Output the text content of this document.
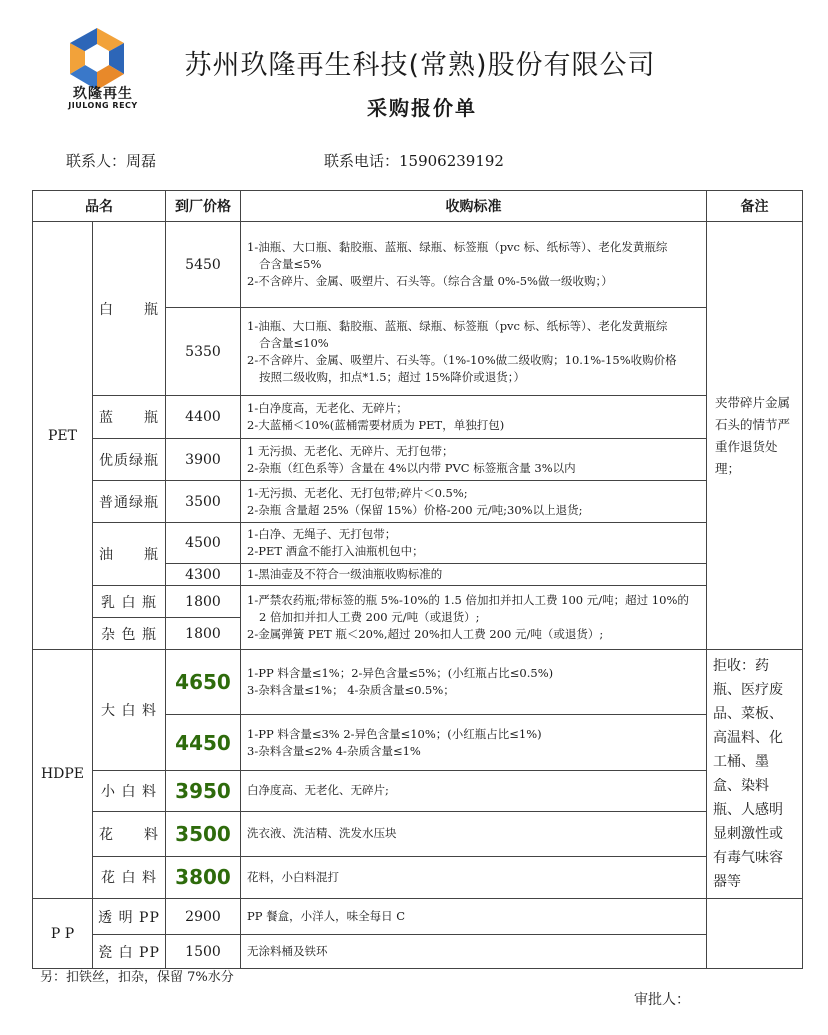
玖隆再生
JIULONG RECY
苏州玖隆再生科技(常熟)股份有限公司
采购报价单
联系人：周磊	联系电话：15906239192
品名		到厂价格	收购标准	备注
PET	白　　瓶	5450	1-油瓶、大口瓶、黏胶瓶、蓝瓶、绿瓶、标签瓶（pvc 标、纸标等）、老化发黄瓶综
合含量≤5%
2-不含碎片、金属、吸塑片、石头等。（综合含量 0%-5%做一级收购；）	夹带碎片金属石头的情节严重作退货处理；
		5350	1-油瓶、大口瓶、黏胶瓶、蓝瓶、绿瓶、标签瓶（pvc 标、纸标等）、老化发黄瓶综
合含量≤10%
2-不含碎片、金属、吸塑片、石头等。（1%-10%做二级收购；10.1%-15%收购价格
按照二级收购，扣点*1.5；超过 15%降价或退货；）	

	蓝　　瓶	4400	1-白净度高，无老化、无碎片；
2-大蓝桶＜10%(蓝桶需要材质为 PET，单独打包)	

	优质绿瓶	3900	1 无污损、无老化、无碎片、无打包带；
2-杂瓶（红色系等）含量在 4%以内带 PVC 标签瓶含量 3%以内	

	普通绿瓶	3500	1-无污损、无老化、无打包带;碎片＜0.5%;
2-杂瓶 含量超 25%（保留 15%）价格-200 元/吨;30%以上退货;	

	油　　瓶	4500	1-白净、无绳子、无打包带；
2-PET 酒盒不能打入油瓶机包中；	

		4300	1-黑油壶及不符合一级油瓶收购标准的	

	乳 白 瓶	1800	1-严禁农药瓶;带标签的瓶 5%-10%的 1.5 倍加扣并扣人工费 100 元/吨；超过 10%的
2 倍加扣并扣人工费 200 元/吨（或退货）;
2-金属弹簧 PET 瓶＜20%,超过 20%扣人工费 200 元/吨（或退货）;	

	杂 色 瓶	1800		

HDPE	大 白 料	4650	1-PP 料含量≤1%；2-异色含量≤5%；(小红瓶占比≤0.5%)
3-杂料含量≤1%； 4-杂质含量≤0.5%；	拒收：药瓶、医疗废品、菜板、高温料、化工桶、墨盒、染料瓶、人感明显刺激性或有毒气味容器等
		4450	1-PP 料含量≤3% 2-异色含量≤10%；(小红瓶占比≤1%)
3-杂料含量≤2% 4-杂质含量≤1%	

	小 白 料	3950	白净度高、无老化、无碎片;	
	花　　料	3500	洗衣液、洗洁精、洗发水压块	
	花 白 料	3800	花料，小白料混打	
P P	透 明 PP	2900	PP 餐盒，小洋人，味全每日 C	
	瓷 白 PP	1500	无涂料桶及铁环	
另：扣铁丝，扣杂，保留 7%水分
审批人：
